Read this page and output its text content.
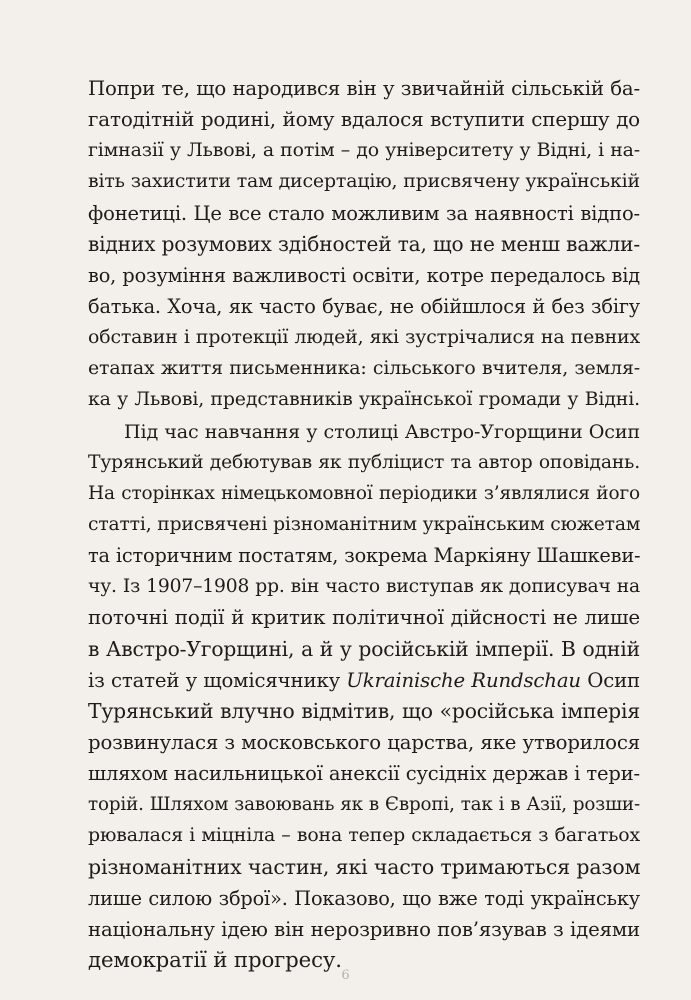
Попри те, що народився він у звичайній сільській ба-
гатодітній родині, йому вдалося вступити спершу до
гімназії у Львові, а потім – до університету у Відні, і на-
віть захистити там дисертацію, присвячену українській
фонетиці. Це все стало можливим за наявності відпо-
відних розумових здібностей та, що не менш важли-
во, розуміння важливості освіти, котре передалось від
батька. Хоча, як часто буває, не обійшлося й без збігу
обставин і протекції людей, які зустрічалися на певних
етапах життя письменника: сільського вчителя, земля-
ка у Львові, представників української громади у Відні.
Під час навчання у столиці Австро-Угорщини Осип
Турянський дебютував як публіцист та автор оповідань.
На сторінках німецькомовної періодики з’являлися його
статті, присвячені різноманітним українським сюжетам
та історичним постатям, зокрема Маркіяну Шашкеви-
чу. Із 1907–1908 рр. він часто виступав як дописувач на
поточні події й критик політичної дійсності не лише
в Австро-Угорщині, а й у російській імперії. В одній
із статей у щомісячнику Ukrainische Rundschau Осип
Турянський влучно відмітив, що «російська імперія
розвинулася з московського царства, яке утворилося
шляхом насильницької анексії сусідніх держав і тери-
торій. Шляхом завоювань як в Європі, так і в Азії, розши-
рювалася і міцніла – вона тепер складається з багатьох
різноманітних частин, які часто тримаються разом
лише силою зброї». Показово, що вже тоді українську
національну ідею він нерозривно пов’язував з ідеями
демократії й прогресу.
6
